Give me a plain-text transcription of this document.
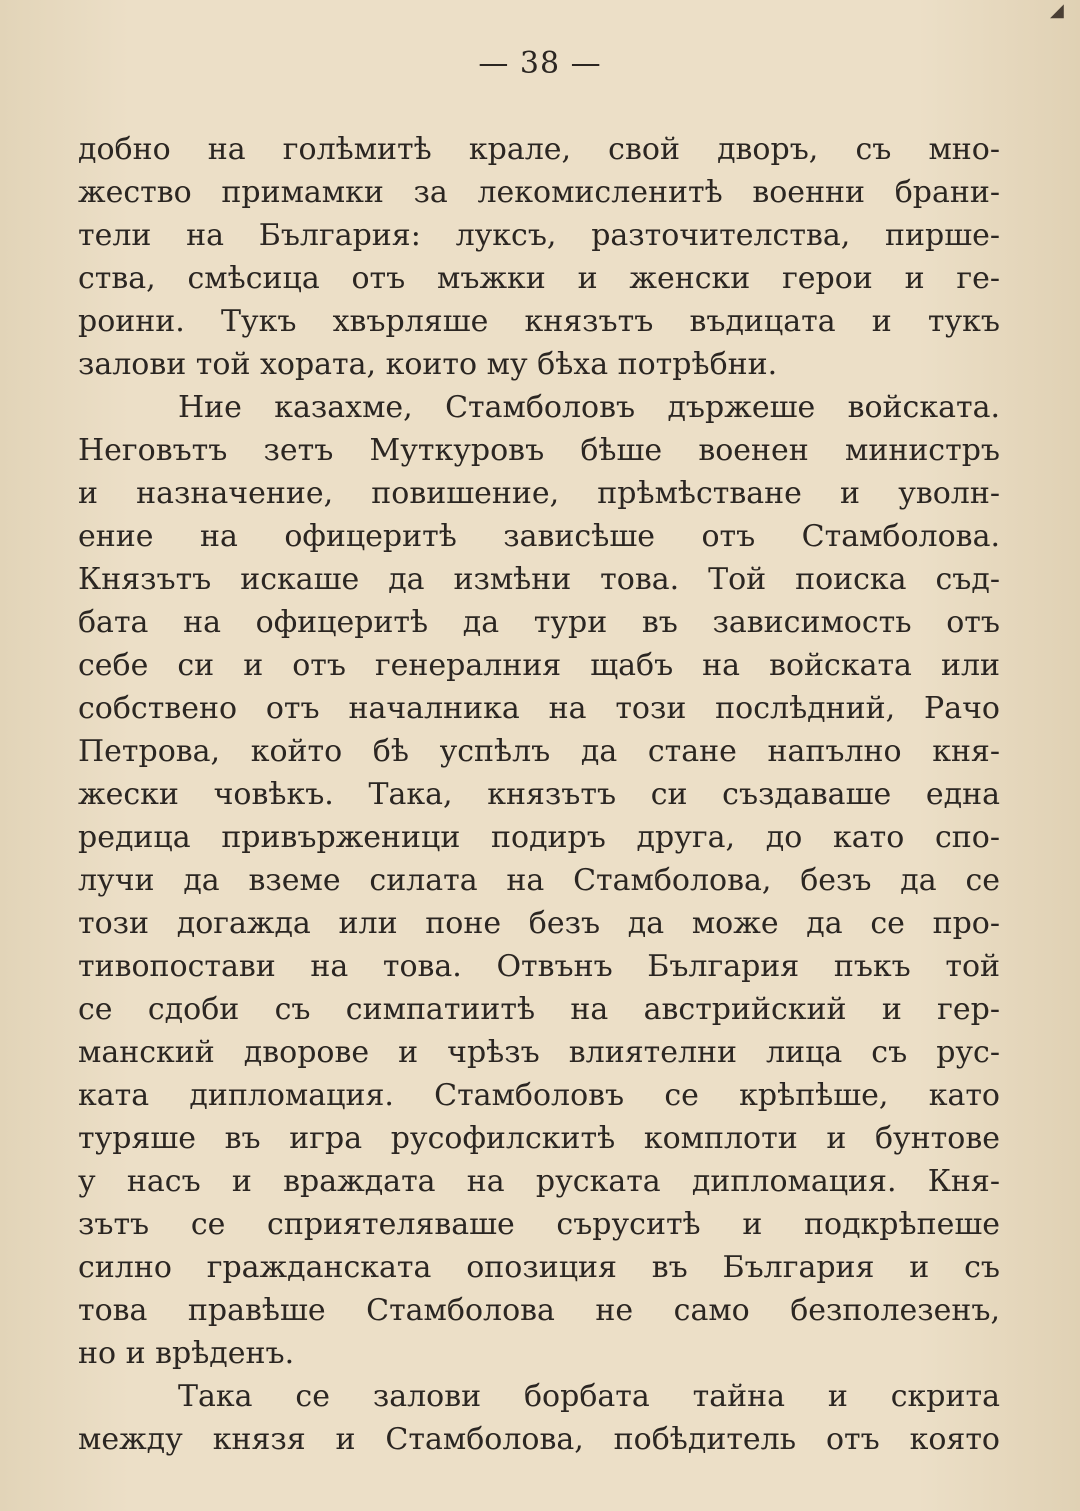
◢
— 38 —
добно на голѣмитѣ крале, свой дворъ, съ мно-
жество примамки за лекомисленитѣ военни брани-
тели на България: луксъ, разточителства, пирше-
ства, смѣсица отъ мъжки и женски герои и ге-
роини. Тукъ хвърляше князътъ въдицата и тукъ
залови той хората, които му бѣха потрѣбни.
Ние казахме, Стамболовъ държеше войската.
Неговътъ зетъ Муткуровъ бѣше военен министръ
и назначение, повишение, прѣмѣстване и уволн-
ение на офицеритѣ зависѣше отъ Стамболова.
Князътъ искаше да измѣни това. Той поиска съд-
бата на офицеритѣ да тури въ зависимость отъ
себе си и отъ генералния щабъ на войската или
собствено отъ началника на този послѣдний, Рачо
Петрова, който бѣ успѣлъ да стане напълно кня-
жески човѣкъ. Така, князътъ си създаваше една
редица привърженици подиръ друга, до като спо-
лучи да вземе силата на Стамболова, безъ да се
този догажда или поне безъ да може да се про-
тивопостави на това. Отвънъ България пъкъ той
се сдоби съ симпатиитѣ на австрийский и гер-
манский дворове и чрѣзъ влиятелни лица съ рус-
ката дипломация. Стамболовъ се крѣпѣше, като
туряше въ игра русофилскитѣ комплоти и бунтове
у насъ и враждата на руската дипломация. Кня-
зътъ се сприятеляваше съруситѣ и подкрѣпеше
силно гражданската опозиция въ България и съ
това правѣше Стамболова не само безполезенъ,
но и врѣденъ.
Така се залови борбата тайна и скрита
между князя и Стамболова, побѣдитель отъ която
